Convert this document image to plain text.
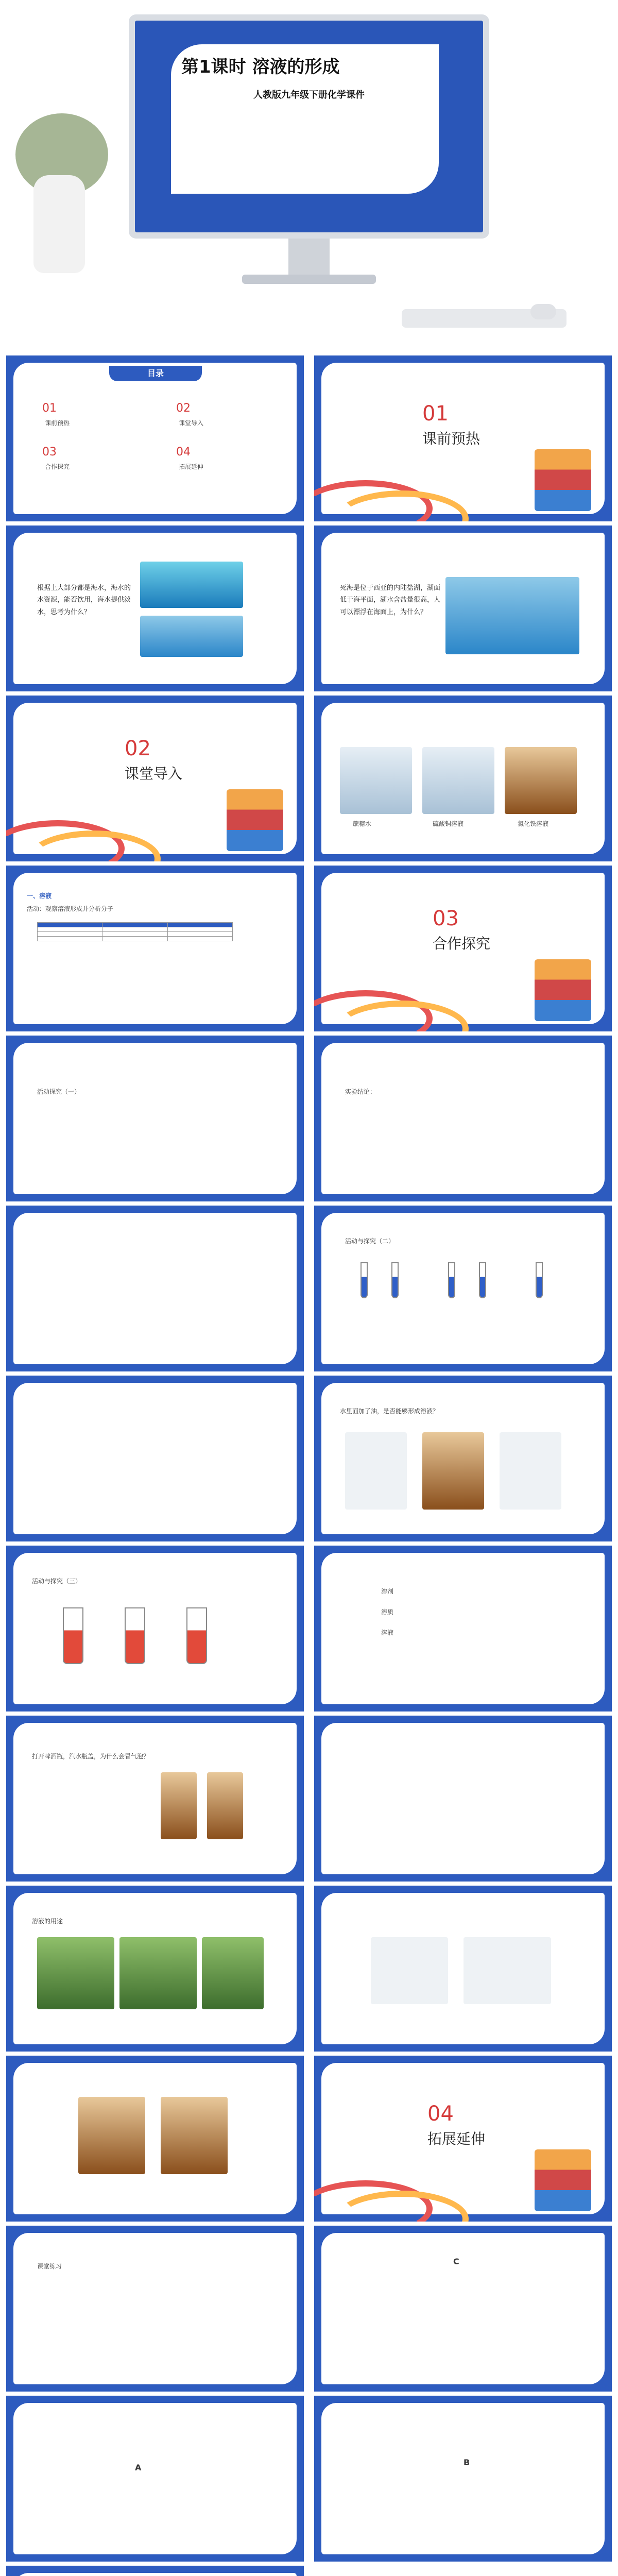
第1课时 溶液的形成
人教版九年级下册化学课件
目录
01
课前预热
02
课堂导入
03
合作探究
04
拓展延伸
01
课前预热
根据上大部分都是海水，海水的水资源，能否饮用，海水提供淡水，思考为什么？
死海是位于西亚的内陆盐湖，湖面低于海平面，湖水含盐量很高，人可以漂浮在海面上，为什么？
02
课堂导入
蔗糖水	硫酸铜溶液	氯化铁溶液
一、溶液
活动：观察溶液形成并分析分子

			03
合作探究
活动探究（一）	实验结论：
活动与探究（二）
水里面加了油，是否能够形成溶液？
活动与探究（三）
溶剂
溶质
溶液
打开啤酒瓶，汽水瓶盖，为什么会冒气泡？
溶液的用途
04
拓展延伸
课堂练习	C
A
B
